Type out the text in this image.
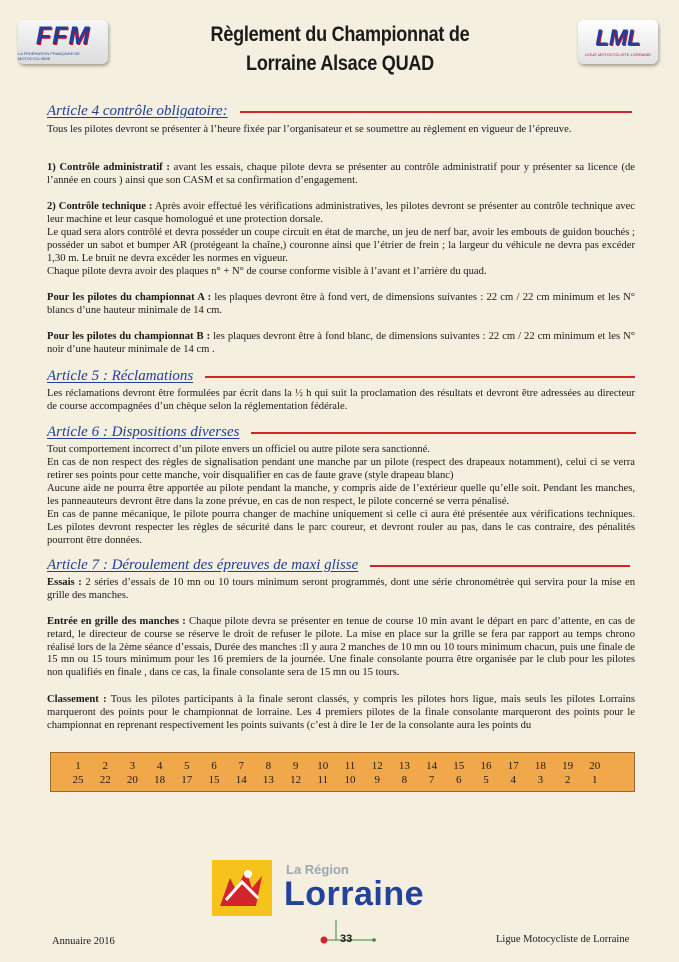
FFM
LA FÉDÉRATION FRANÇAISE DE MOTOCYCLISME
Règlement du Championnat de
Lorraine Alsace QUAD
LML
LIGUE MOTOCYCLISTE LORRAINE
Article 4 contrôle obligatoire:

Tous les pilotes devront se présenter à l’heure fixée par l’organisateur et se soumettre au règlement en vigueur de l’épreuve.

1) Contrôle administratif : avant les essais, chaque pilote devra se présenter au contrôle administratif pour y présenter sa licence (de l’année en cours ) ainsi que son CASM et sa confirmation d’engagement.

2) Contrôle technique : Après avoir effectué les vérifications administratives, les pilotes devront se présenter au contrôle technique avec leur machine et leur casque homologué et une protection dorsale.

Le quad sera alors contrôlé et devra posséder un coupe circuit en état de marche, un jeu de nerf bar, avoir les embouts de guidon bouchés ; posséder un sabot et bumper AR (protégeant la chaîne,) couronne ainsi que l’étrier de frein ; la largeur du véhicule ne devra pas excéder 1,30 m. Le bruit ne devra excéder les normes en vigueur.

Chaque pilote devra avoir des plaques n° + N° de course conforme visible à l’avant et l’arrière du quad.

Pour les pilotes du championnat A : les plaques devront être à fond vert, de dimensions suivantes : 22 cm / 22 cm minimum et les N° blancs d’une hauteur minimale de 14 cm.

Pour les pilotes du championnat B : les plaques devront être à fond blanc, de dimensions suivantes : 22 cm / 22 cm minimum et les N° noir d’une hauteur minimale de 14 cm .

Article 5 : Réclamations

Les réclamations devront être formulées par écrit dans la ½ h qui suit la proclamation des résultats et devront être adressées au directeur de course accompagnées d’un chèque selon la réglementation fédérale.

Article 6 : Dispositions diverses

Tout comportement incorrect d’un pilote envers un officiel ou autre pilote sera sanctionné.

En cas de non respect des règles de signalisation pendant une manche par un pilote (respect des drapeaux notamment), celui ci se verra retirer ses points pour cette manche, voir disqualifier en cas de faute grave (style drapeau blanc)

Aucune aide ne pourra être apportée au pilote pendant la manche, y compris aide de l’extérieur quelle qu’elle soit. Pendant les manches, les panneauteurs devront être dans la zone prévue, en cas de non respect, le pilote concerné se verra pénalisé.

En cas de panne mécanique, le pilote pourra changer de machine uniquement si celle ci aura été présentée aux vérifications techniques. Les pilotes devront respecter les règles de sécurité dans le parc coureur, et devront rouler au pas, dans le cas contraire, des pénalités pourront être données.

Article 7 : Déroulement des épreuves de maxi glisse

Essais : 2 séries d’essais de 10 mn ou 10 tours minimum seront programmés, dont une série chronométrée qui servira pour la mise en grille des manches.

Entrée en grille des manches : Chaque pilote devra se présenter en tenue de course 10 min avant le départ en parc d’attente, en cas de retard, le directeur de course se réserve le droit de refuser le pilote. La mise en place sur la grille se fera par rapport au temps chrono réalisé lors de la 2ème séance d’essais, Durée des manches :Il y aura 2 manches de 10 mn ou 10 tours minimum chacun, puis une finale de 15 mn ou 15 tours minimum pour les 16 premiers de la journée. Une finale consolante pourra être organisée par le club pour les pilotes non qualifiés en finale , dans ce cas, la finale consolante sera de 15 mn ou 15 tours.

Classement : Tous les pilotes participants à la finale seront classés, y compris les pilotes hors ligue, mais seuls les pilotes Lorrains marqueront des points pour le championnat de lorraine. Les 4 premiers pilotes de la finale consolante marqueront des points pour le championnat en reprenant respectivement les points suivants (c’est à dire le 1er de la consolante aura les points du

1	2	3	4	5	6	7	8	9	10	11	12	13	14	15	16	17	18	19	20
25	22	20	18	17	15	14	13	12	11	10	9	8	7	6	5	4	3	2	1
La Région
Lorraine
Annuaire 2016	33	Ligue Motocycliste de Lorraine
